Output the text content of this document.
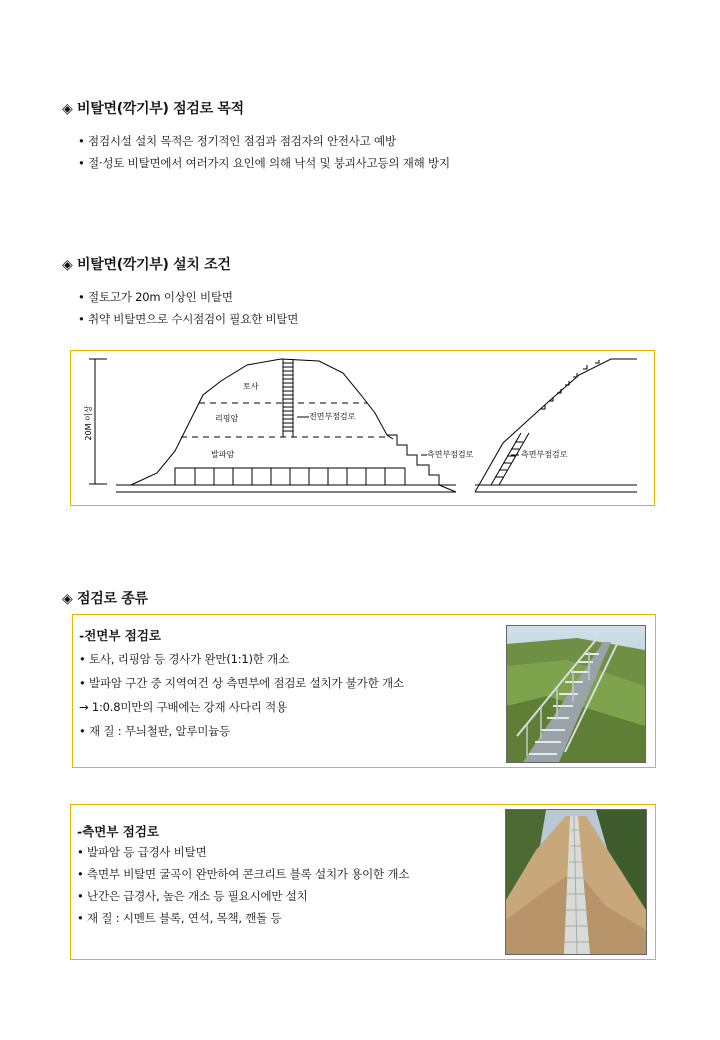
◈ 비탈면(깍기부) 점검로 목적
• 점검시설 설치 목적은 정기적인 점검과 점검자의 안전사고 예방
• 절·성토 비탈면에서 여러가지 요인에 의해 낙석 및 붕괴사고등의 재해 방지
◈ 비탈면(깍기부) 설치 조건
• 절토고가 20m 이상인 비탈면
• 취약 비탈면으로 수시점검이 필요한 비탈면
20M 이상
토사
리핑암
발파암
전면부점검로
측면부점검로	측면부점검로
◈ 점검로 종류
-전면부 점검로
• 토사, 리핑암 등 경사가 완만(1:1)한 개소
• 발파암 구간 중 지역여건 상 측면부에 점검로 설치가 불가한 개소
→ 1:0.8미만의 구배에는 강재 사다리 적용
• 재 질 : 무늬철판, 알루미늄등
-측면부 점검로
• 발파암 등 급경사 비탈면
• 측면부 비탈면 굴곡이 완만하여 콘크리트 블록 설치가 용이한 개소
• 난간은 급경사, 높은 개소 등 필요시에만 설치
• 재 질 : 시멘트 블록, 연석, 목책, 깬돌 등
